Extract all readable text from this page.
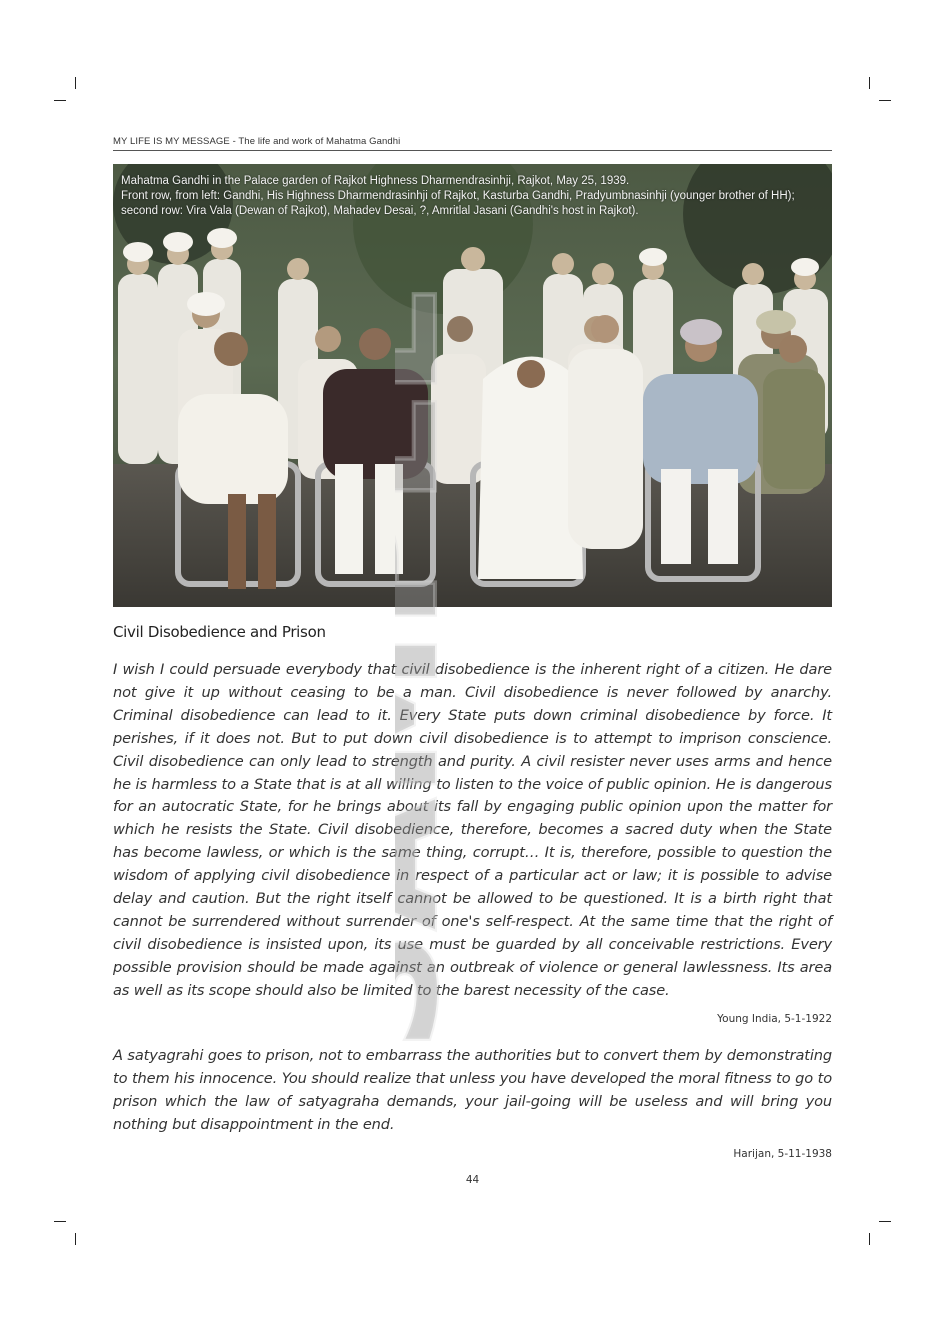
MY LIFE IS MY MESSAGE - The life and work of Mahatma Gandhi

Mahatma Gandhi in the Palace garden of Rajkot Highness Dharmendrasinhji, Rajkot, May 25, 1939.

Front row, from left: Gandhi, His Highness Dharmendrasinhji of Rajkot, Kasturba Gandhi, Pradyumbnasinhji (younger brother of HH); second row: Vira Vala (Dewan of Rajkot), Mahadev Desai, ?, Amritlal Jasani (Gandhi's host in Rajkot).

Civil Disobedience and Prison

I wish I could persuade everybody that civil disobedience is the inherent right of a citizen. He dare not give it up without ceasing to be a man. Civil disobedience is never followed by anarchy. Criminal disobedience can lead to it. Every State puts down criminal disobedience by force. It perishes, if it does not. But to put down civil disobedience is to attempt to imprison conscience. Civil disobedience can only lead to strength and purity. A civil resister never uses arms and hence he is harmless to a State that is at all willing to listen to the voice of public opinion. He is dangerous for an autocratic State, for he brings about its fall by engaging public opinion upon the matter for which he resists the State. Civil disobedience, therefore, becomes a sacred duty when the State has become lawless, or which is the same thing, corrupt… It is, therefore, possible to question the wisdom of applying civil disobedience in respect of a particular act or law; it is possible to advise delay and caution. But the right itself cannot be allowed to be questioned. It is a birth right that cannot be surrendered without surrender of one's self-respect. At the same time that the right of civil disobedience is insisted upon, its use must be guarded by all conceivable restrictions. Every possible provision should be made against an outbreak of violence or general lawlessness. Its area as well as its scope should also be limited to the barest necessity of the case.

Young India, 5-1-1922

A satyagrahi goes to prison, not to embarrass the authorities but to convert them by demonstrating to them his innocence. You should realize that unless you have developed the moral fitness to go to prison which the law of satyagraha demands, your jail-going will be useless and will bring you nothing but disappointment in the end.

Harijan, 5-11-1938
44
SAMPLE
